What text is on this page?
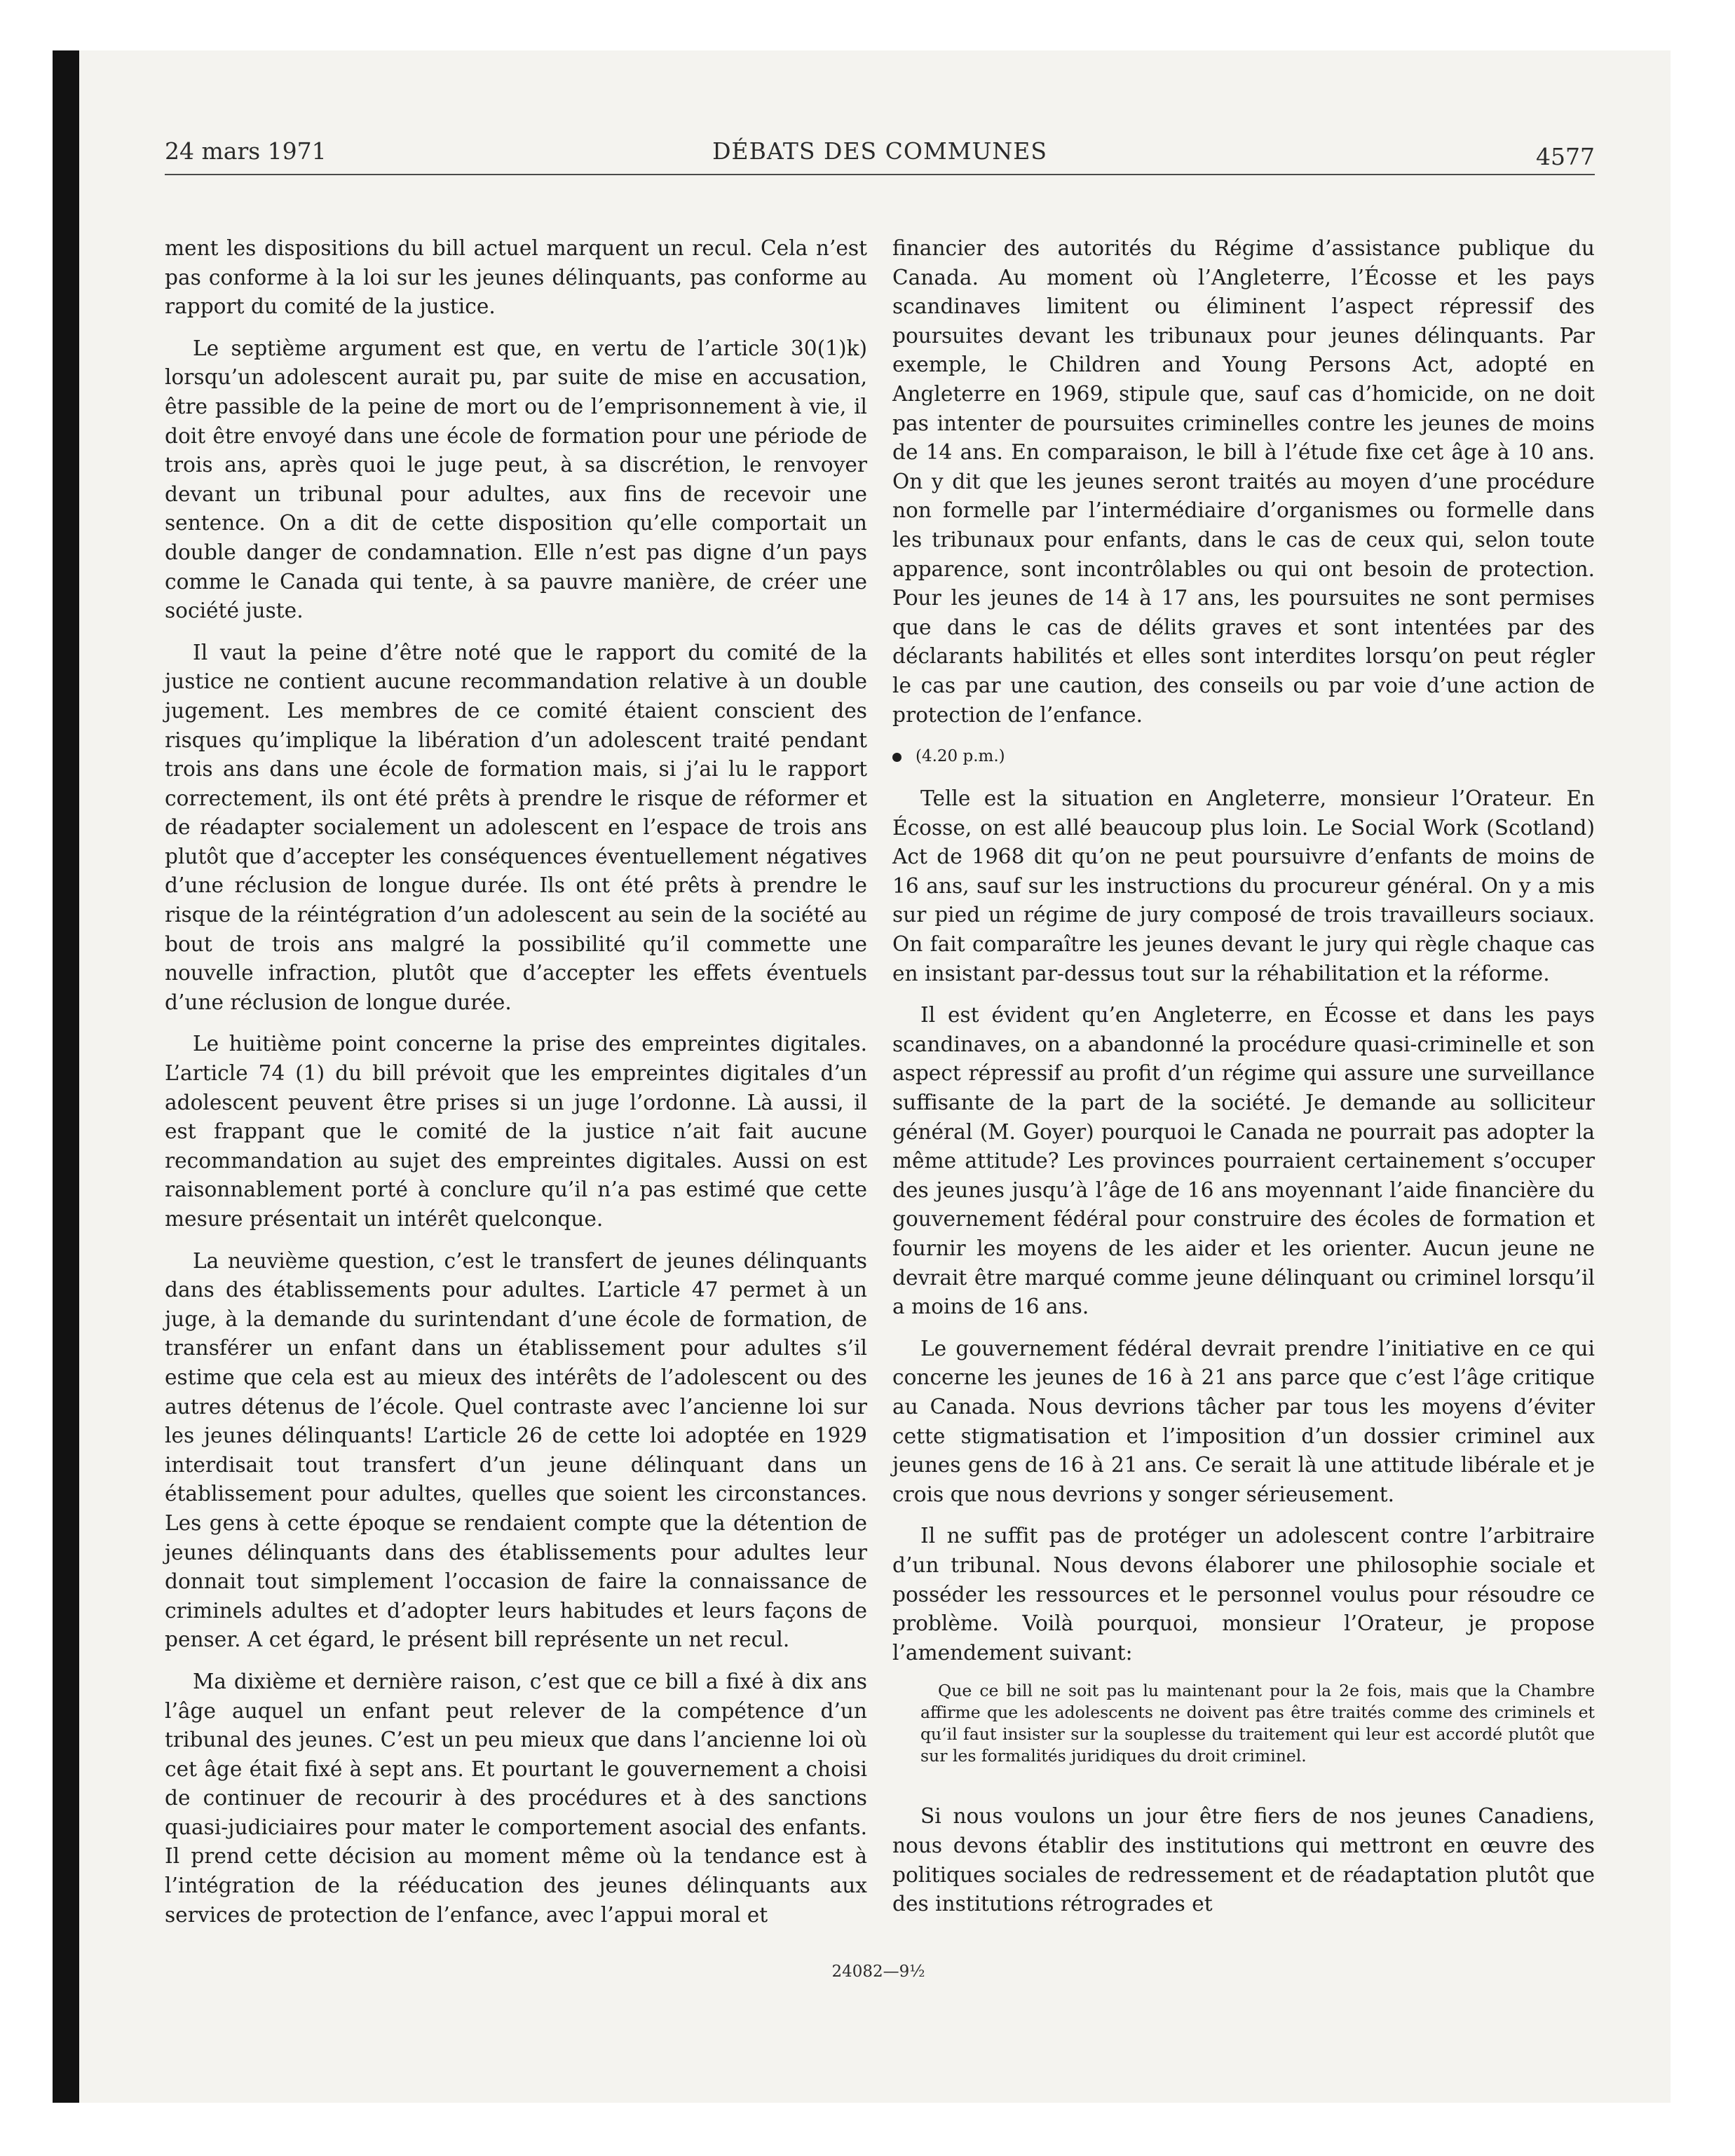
24 mars 1971	DÉBATS DES COMMUNES	4577

ment les dispositions du bill actuel marquent un recul. Cela n’est pas conforme à la loi sur les jeunes délinquants, pas conforme au rapport du comité de la justice.

Le septième argument est que, en vertu de l’article 30(1)k) lorsqu’un adolescent aurait pu, par suite de mise en accusation, être passible de la peine de mort ou de l’emprisonnement à vie, il doit être envoyé dans une école de formation pour une période de trois ans, après quoi le juge peut, à sa discrétion, le renvoyer devant un tribunal pour adultes, aux fins de recevoir une sentence. On a dit de cette disposition qu’elle comportait un double danger de condamnation. Elle n’est pas digne d’un pays comme le Canada qui tente, à sa pauvre manière, de créer une société juste.

Il vaut la peine d’être noté que le rapport du comité de la justice ne contient aucune recommandation relative à un double jugement. Les membres de ce comité étaient conscient des risques qu’implique la libération d’un adolescent traité pendant trois ans dans une école de formation mais, si j’ai lu le rapport correctement, ils ont été prêts à prendre le risque de réformer et de réadapter socialement un adolescent en l’espace de trois ans plutôt que d’accepter les conséquences éventuellement négatives d’une réclusion de longue durée. Ils ont été prêts à prendre le risque de la réintégration d’un adolescent au sein de la société au bout de trois ans malgré la possibilité qu’il commette une nouvelle infraction, plutôt que d’accepter les effets éventuels d’une réclusion de longue durée.

Le huitième point concerne la prise des empreintes digitales. L’article 74 (1) du bill prévoit que les empreintes digitales d’un adolescent peuvent être prises si un juge l’ordonne. Là aussi, il est frappant que le comité de la justice n’ait fait aucune recommandation au sujet des empreintes digitales. Aussi on est raisonnablement porté à conclure qu’il n’a pas estimé que cette mesure présentait un intérêt quelconque.

La neuvième question, c’est le transfert de jeunes délinquants dans des établissements pour adultes. L’article 47 permet à un juge, à la demande du surintendant d’une école de formation, de transférer un enfant dans un établissement pour adultes s’il estime que cela est au mieux des intérêts de l’adolescent ou des autres détenus de l’école. Quel contraste avec l’ancienne loi sur les jeunes délinquants! L’article 26 de cette loi adoptée en 1929 interdisait tout transfert d’un jeune délinquant dans un établissement pour adultes, quelles que soient les circonstances. Les gens à cette époque se rendaient compte que la détention de jeunes délinquants dans des établissements pour adultes leur donnait tout simplement l’occasion de faire la connaissance de criminels adultes et d’adopter leurs habitudes et leurs façons de penser. A cet égard, le présent bill représente un net recul.

Ma dixième et dernière raison, c’est que ce bill a fixé à dix ans l’âge auquel un enfant peut relever de la compétence d’un tribunal des jeunes. C’est un peu mieux que dans l’ancienne loi où cet âge était fixé à sept ans. Et pourtant le gouvernement a choisi de continuer de recourir à des procédures et à des sanctions quasi-judiciaires pour mater le comportement asocial des enfants. Il prend cette décision au moment même où la tendance est à l’intégration de la rééducation des jeunes délinquants aux services de protection de l’enfance, avec l’appui moral et

financier des autorités du Régime d’assistance publique du Canada. Au moment où l’Angleterre, l’Écosse et les pays scandinaves limitent ou éliminent l’aspect répressif des poursuites devant les tribunaux pour jeunes délinquants. Par exemple, le Children and Young Persons Act, adopté en Angleterre en 1969, stipule que, sauf cas d’homicide, on ne doit pas intenter de poursuites criminelles contre les jeunes de moins de 14 ans. En comparaison, le bill à l’étude fixe cet âge à 10 ans. On y dit que les jeunes seront traités au moyen d’une procédure non formelle par l’intermédiaire d’organismes ou formelle dans les tribunaux pour enfants, dans le cas de ceux qui, selon toute apparence, sont incontrôlables ou qui ont besoin de protection. Pour les jeunes de 14 à 17 ans, les poursuites ne sont permises que dans le cas de délits graves et sont intentées par des déclarants habilités et elles sont interdites lorsqu’on peut régler le cas par une caution, des conseils ou par voie d’une action de protection de l’enfance.

(4.20 p.m.)

Telle est la situation en Angleterre, monsieur l’Orateur. En Écosse, on est allé beaucoup plus loin. Le Social Work (Scotland) Act de 1968 dit qu’on ne peut poursuivre d’enfants de moins de 16 ans, sauf sur les instructions du procureur général. On y a mis sur pied un régime de jury composé de trois travailleurs sociaux. On fait comparaître les jeunes devant le jury qui règle chaque cas en insistant par-dessus tout sur la réhabilitation et la réforme.

Il est évident qu’en Angleterre, en Écosse et dans les pays scandinaves, on a abandonné la procédure quasi-criminelle et son aspect répressif au profit d’un régime qui assure une surveillance suffisante de la part de la société. Je demande au solliciteur général (M. Goyer) pourquoi le Canada ne pourrait pas adopter la même attitude? Les provinces pourraient certainement s’occuper des jeunes jusqu’à l’âge de 16 ans moyennant l’aide financière du gouvernement fédéral pour construire des écoles de formation et fournir les moyens de les aider et les orienter. Aucun jeune ne devrait être marqué comme jeune délinquant ou criminel lorsqu’il a moins de 16 ans.

Le gouvernement fédéral devrait prendre l’initiative en ce qui concerne les jeunes de 16 à 21 ans parce que c’est l’âge critique au Canada. Nous devrions tâcher par tous les moyens d’éviter cette stigmatisation et l’imposition d’un dossier criminel aux jeunes gens de 16 à 21 ans. Ce serait là une attitude libérale et je crois que nous devrions y songer sérieusement.

Il ne suffit pas de protéger un adolescent contre l’arbitraire d’un tribunal. Nous devons élaborer une philosophie sociale et posséder les ressources et le personnel voulus pour résoudre ce problème. Voilà pourquoi, monsieur l’Orateur, je propose l’amendement suivant:

Que ce bill ne soit pas lu maintenant pour la 2e fois, mais que la Chambre affirme que les adolescents ne doivent pas être traités comme des criminels et qu’il faut insister sur la souplesse du traitement qui leur est accordé plutôt que sur les formalités juridiques du droit criminel.

Si nous voulons un jour être fiers de nos jeunes Canadiens, nous devons établir des institutions qui mettront en œuvre des politiques sociales de redressement et de réadaptation plutôt que des institutions rétrogrades et

24082—9½
